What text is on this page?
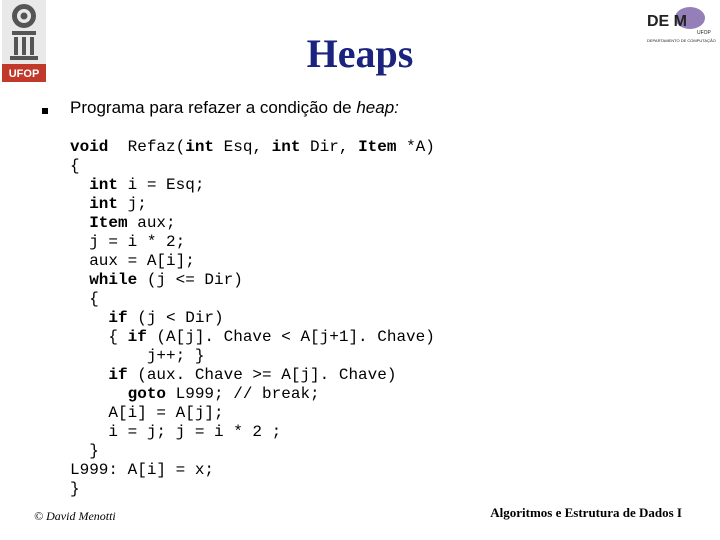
UFOP
DE M
UFOP
DEPARTAMENTO DE COMPUTAÇÃO
Heaps
Programa para refazer a condição de heap:
void  Refaz(int Esq, int Dir, Item *A)
{
int i = Esq;
int j;
Item aux;
j = i * 2;
aux = A[i];
while (j <= Dir)
{
if (j < Dir)
{ if (A[j]. Chave < A[j+1]. Chave)
j++; }
if (aux. Chave >= A[j]. Chave)
goto L999; // break;
A[i] = A[j];
i = j; j = i * 2 ;
}
L999: A[i] = x;
}
© David Menotti	Algoritmos e Estrutura de Dados I
